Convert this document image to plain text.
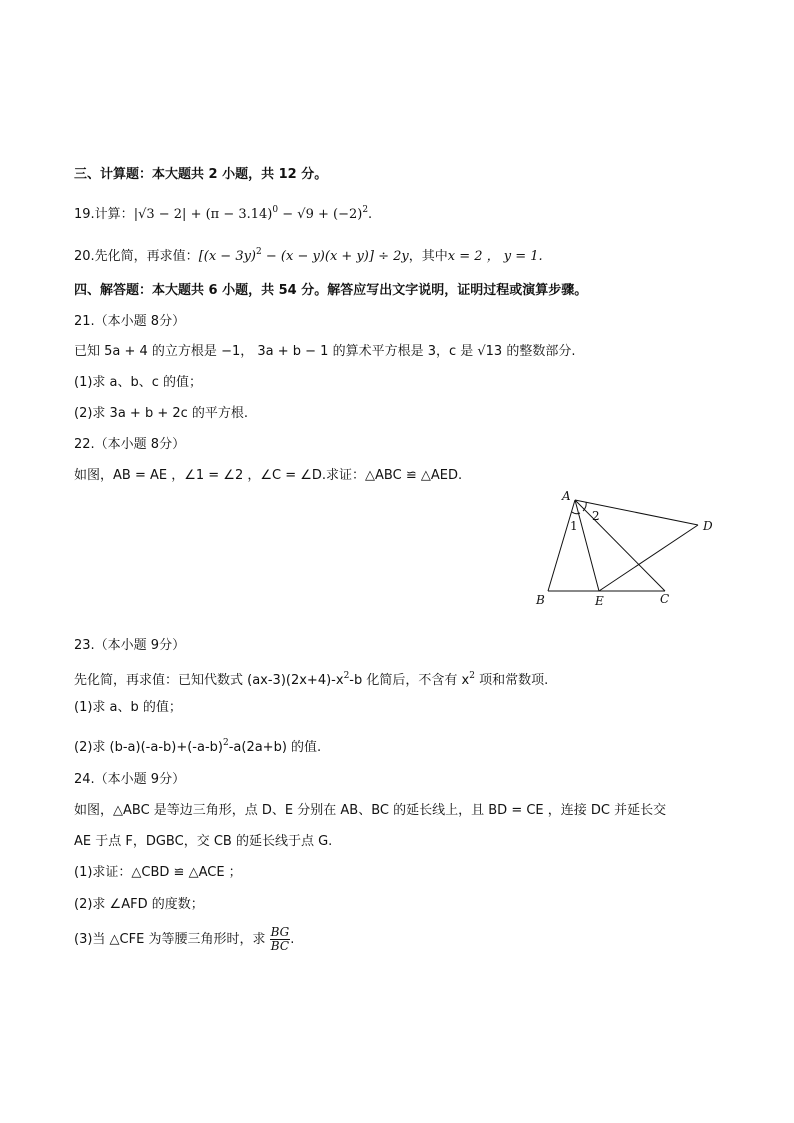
三、计算题：本大题共 2 小题，共 12 分。
19.计算：$|√3 - 2| + (\pi - 3.14)^0 - √9 + (-2)^2$.
20.先化简，再求值：$[(x - 3y)^2 - (x - y)(x + y)] \div 2y$，其中x = 2 ， y = 1.
四、解答题：本大题共 6 小题，共 54 分。解答应写出文字说明，证明过程或演算步骤。
21.（本小题 8分）
已知 5a + 4 的立方根是 −1， 3a + b − 1 的算术平方根是 3，c 是 √13 的整数部分.
(1)求 a、b、c 的值；
(2)求 3a + b + 2c 的平方根.
22.（本小题 8分）
如图，AB = AE ，∠1 = ∠2 ，∠C = ∠D.求证：△ABC ≌ △AED.
A
B	E	C
D
1
2
23.（本小题 9分）
先化简，再求值：已知代数式 $(ax-3)(2x+4)-x^2-b$ 化简后，不含有 $x^2$ 项和常数项.
(1)求 a、b 的值；
(2)求 $(b-a)(-a-b)+(-a-b)^2-a(2a+b)$ 的值.
24.（本小题 9分）
如图，△ABC 是等边三角形，点 D、E 分别在 AB、BC 的延长线上，且 BD = CE ，连接 DC 并延长交
AE 于点 F，DGBC，交 CB 的延长线于点 G.
(1)求证：△CBD ≌ △ACE ；
(2)求 ∠AFD 的度数；
(3)当 △CFE 为等腰三角形时，求 $\frac{BG}{BC}$ .
